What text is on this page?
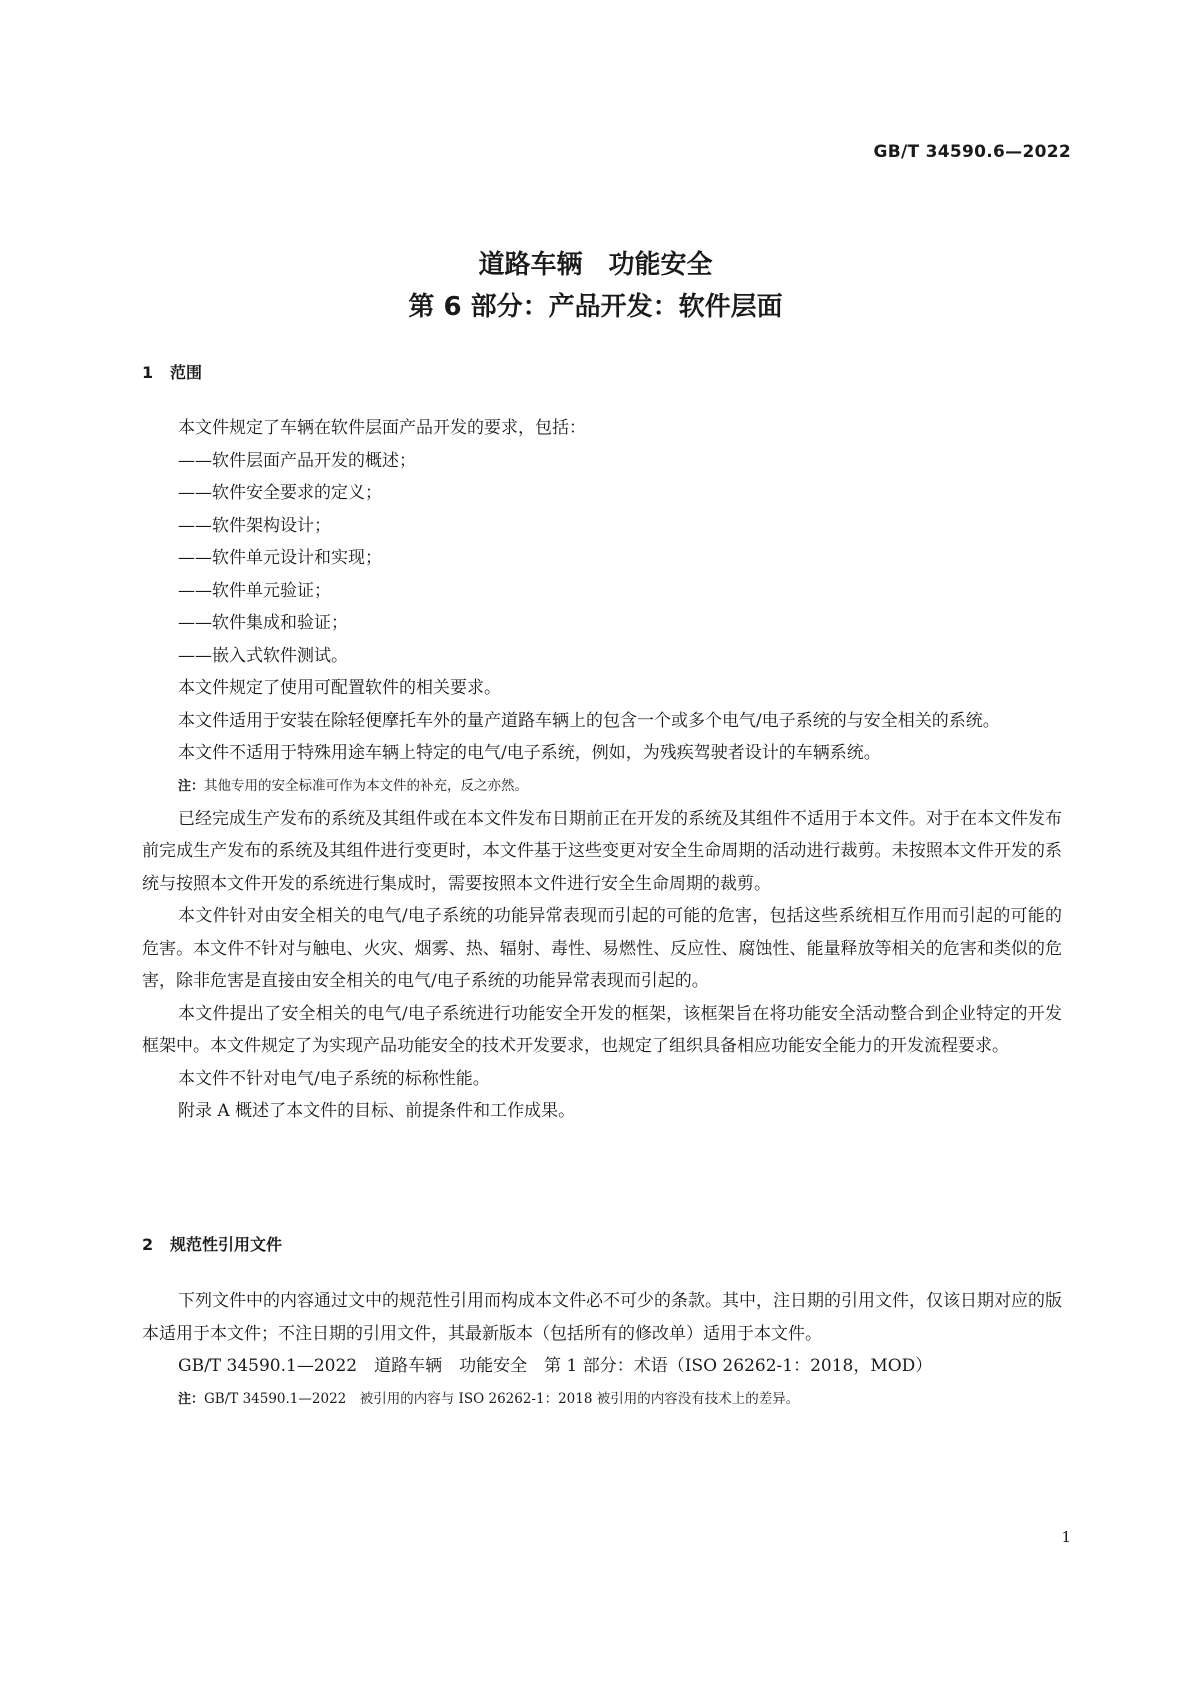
GB/T 34590.6—2022
道路车辆　功能安全
第 6 部分：产品开发：软件层面
1 范围

本文件规定了车辆在软件层面产品开发的要求，包括：

——软件层面产品开发的概述；

——软件安全要求的定义；

——软件架构设计；

——软件单元设计和实现；

——软件单元验证；

——软件集成和验证；

——嵌入式软件测试。

本文件规定了使用可配置软件的相关要求。

本文件适用于安装在除轻便摩托车外的量产道路车辆上的包含一个或多个电气/电子系统的与安全相关的系统。

本文件不适用于特殊用途车辆上特定的电气/电子系统，例如，为残疾驾驶者设计的车辆系统。

注：其他专用的安全标准可作为本文件的补充，反之亦然。

已经完成生产发布的系统及其组件或在本文件发布日期前正在开发的系统及其组件不适用于本文件。对于在本文件发布前完成生产发布的系统及其组件进行变更时，本文件基于这些变更对安全生命周期的活动进行裁剪。未按照本文件开发的系统与按照本文件开发的系统进行集成时，需要按照本文件进行安全生命周期的裁剪。

本文件针对由安全相关的电气/电子系统的功能异常表现而引起的可能的危害，包括这些系统相互作用而引起的可能的危害。本文件不针对与触电、火灾、烟雾、热、辐射、毒性、易燃性、反应性、腐蚀性、能量释放等相关的危害和类似的危害，除非危害是直接由安全相关的电气/电子系统的功能异常表现而引起的。

本文件提出了安全相关的电气/电子系统进行功能安全开发的框架，该框架旨在将功能安全活动整合到企业特定的开发框架中。本文件规定了为实现产品功能安全的技术开发要求，也规定了组织具备相应功能安全能力的开发流程要求。

本文件不针对电气/电子系统的标称性能。

附录 A 概述了本文件的目标、前提条件和工作成果。

2 规范性引用文件

下列文件中的内容通过文中的规范性引用而构成本文件必不可少的条款。其中，注日期的引用文件，仅该日期对应的版本适用于本文件；不注日期的引用文件，其最新版本（包括所有的修改单）适用于本文件。

GB/T 34590.1—2022　道路车辆　功能安全　第 1 部分：术语（ISO 26262-1：2018，MOD）

注：GB/T 34590.1—2022　被引用的内容与 ISO 26262-1：2018 被引用的内容没有技术上的差异。

1
